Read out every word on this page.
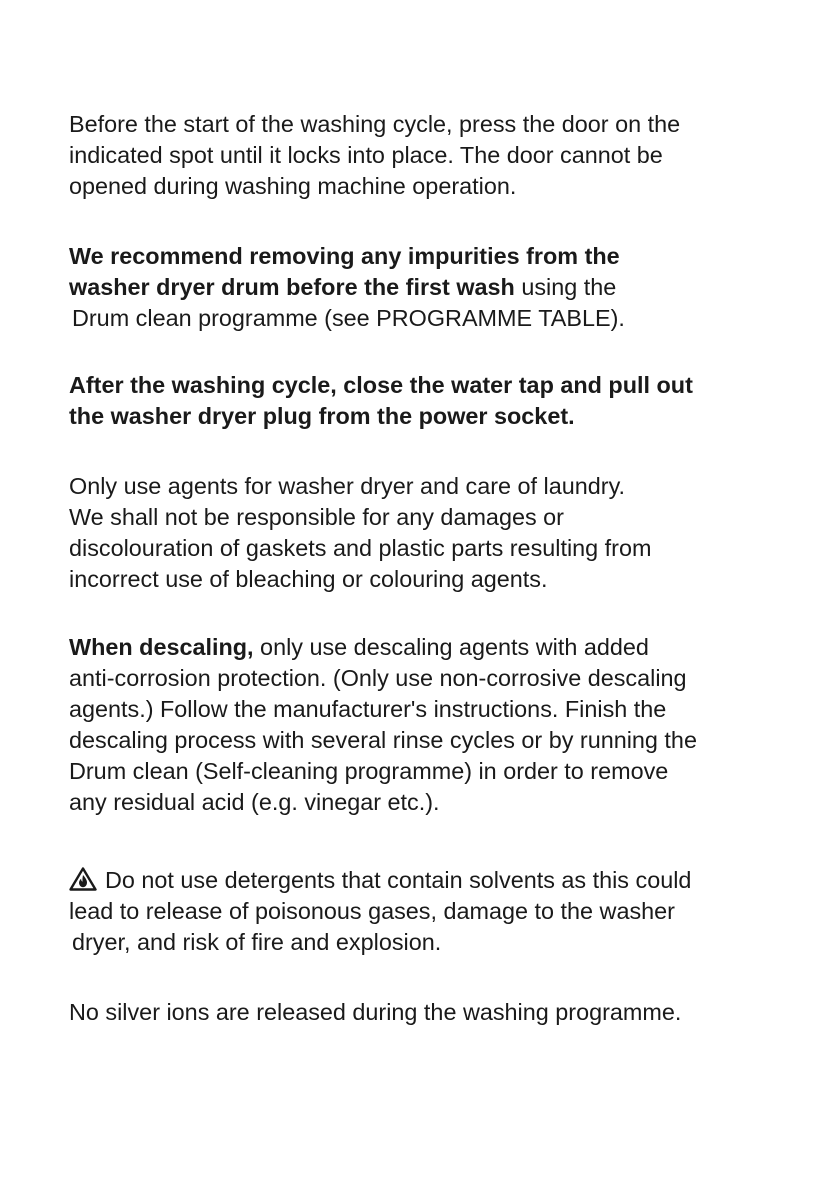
Before the start of the washing cycle, press the door on the
indicated spot until it locks into place. The door cannot be
opened during washing machine operation.

We recommend removing any impurities from the
washer dryer drum before the first wash using the
Drum clean programme (see PROGRAMME TABLE).

After the washing cycle, close the water tap and pull out
the washer dryer plug from the power socket.

Only use agents for washer dryer and care of laundry.
We shall not be responsible for any damages or
discolouration of gaskets and plastic parts resulting from
incorrect use of bleaching or colouring agents.

When descaling, only use descaling agents with added
anti-corrosion protection. (Only use non-corrosive descaling
agents.) Follow the manufacturer's instructions. Finish the
descaling process with several rinse cycles or by running the
Drum clean (Self-cleaning programme) in order to remove
any residual acid (e.g. vinegar etc.).

Do not use detergents that contain solvents as this could
lead to release of poisonous gases, damage to the washer
dryer, and risk of fire and explosion.

No silver ions are released during the washing programme.
